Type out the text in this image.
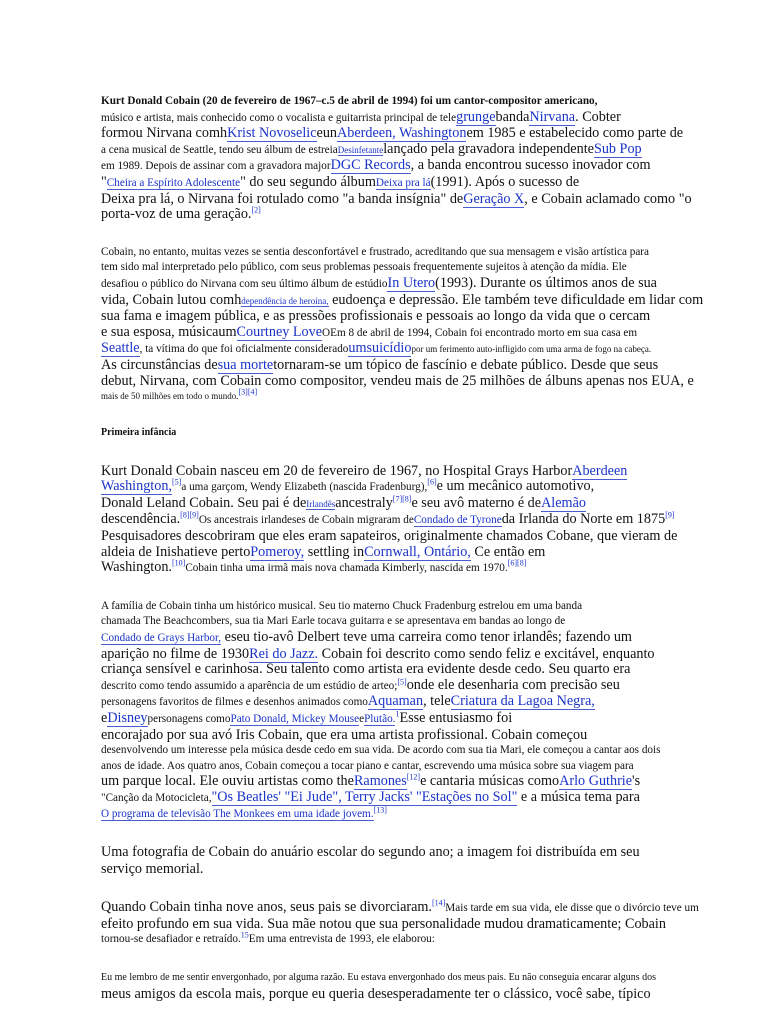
Kurt Donald Cobain (20 de fevereiro de 1967–c.5 de abril de 1994) foi um cantor-compositor americano,

músico e artista, mais conhecido como o vocalista e guitarrista principal de telegrungebandaNirvana. Cobter

formou Nirvana comhKrist NovoseliceunAberdeen, Washingtonem 1985 e estabelecido como parte de

a cena musical de Seattle, tendo seu álbum de estreiaDesinfetantelançado pela gravadora independenteSub Pop

em 1989. Depois de assinar com a gravadora majorDGC Records, a banda encontrou sucesso inovador com

"Cheira a Espírito Adolescente" do seu segundo álbumDeixa pra lá(1991). Após o sucesso de

Deixa pra lá, o Nirvana foi rotulado como "a banda insígnia" deGeração X, e Cobain aclamado como "o

porta-voz de uma geração.[2]

Cobain, no entanto, muitas vezes se sentia desconfortável e frustrado, acreditando que sua mensagem e visão artística para

tem sido mal interpretado pelo público, com seus problemas pessoais frequentemente sujeitos à atenção da mídia. Ele

desafiou o público do Nirvana com seu último álbum de estúdioIn Utero(1993). Durante os últimos anos de sua

vida, Cobain lutou comhdependência de heroína, eudoença e depressão. Ele também teve dificuldade em lidar com

sua fama e imagem pública, e as pressões profissionais e pessoais ao longo da vida que o cercam

e sua esposa, músicaumCourtney LoveOEm 8 de abril de 1994, Cobain foi encontrado morto em sua casa em

Seattle, ta vítima do que foi oficialmente consideradoumsuicídiopor um ferimento auto-infligido com uma arma de fogo na cabeça.

As circunstâncias desua mortetornaram-se um tópico de fascínio e debate público. Desde que seus

debut, Nirvana, com Cobain como compositor, vendeu mais de 25 milhões de álbuns apenas nos EUA, e

mais de 50 milhões em todo o mundo.[3][4]

Primeira infância

Kurt Donald Cobain nasceu em 20 de fevereiro de 1967, no Hospital Grays HarborAberdeen

Washington,[5]a uma garçom, Wendy Elizabeth (nascida Fradenburg),[6]e um mecânico automotivo,

Donald Leland Cobain. Seu pai é deIrlandêsancestraly[7][8]e seu avô materno é deAlemão

descendência.[8][9]Os ancestrais irlandeses de Cobain migraram deCondado de Tyroneda Irlanda do Norte em 1875[9]

Pesquisadores descobriram que eles eram sapateiros, originalmente chamados Cobane, que vieram de

aldeia de Inishatieve pertoPomeroy, settling inCornwall, Ontário, Ce então em

Washington.[10]Cobain tinha uma irmã mais nova chamada Kimberly, nascida em 1970.[6][8]

A família de Cobain tinha um histórico musical. Seu tio materno Chuck Fradenburg estrelou em uma banda

chamada The Beachcombers, sua tia Mari Earle tocava guitarra e se apresentava em bandas ao longo de

Condado de Grays Harbor, eseu tio-avô Delbert teve uma carreira como tenor irlandês; fazendo um

aparição no filme de 1930Rei do Jazz. Cobain foi descrito como sendo feliz e excitável, enquanto

criança sensível e carinhosa. Seu talento como artista era evidente desde cedo. Seu quarto era

descrito como tendo assumido a aparência de um estúdio de arteo;[5]onde ele desenharia com precisão seu

personagens favoritos de filmes e desenhos animados comoAquaman, teleCriatura da Lagoa Negra,

eDisneypersonagens comoPato Donald, Mickey MouseePlutão.$^1$Esse entusiasmo foi

encorajado por sua avó Iris Cobain, que era uma artista profissional. Cobain começou

desenvolvendo um interesse pela música desde cedo em sua vida. De acordo com sua tia Mari, ele começou a cantar aos dois

anos de idade. Aos quatro anos, Cobain começou a tocar piano e cantar, escrevendo uma música sobre sua viagem para

um parque local. Ele ouviu artistas como theRamones[12]e cantaria músicas comoArlo Guthrie's

"Canção da Motocicleta,"Os Beatles' "Ei Jude", Terry Jacks' "Estações no Sol" e a música tema para

O programa de televisão The Monkees em uma idade jovem.[13]

Uma fotografia de Cobain do anuário escolar do segundo ano; a imagem foi distribuída em seu

serviço memorial.

Quando Cobain tinha nove anos, seus pais se divorciaram.[14]Mais tarde em sua vida, ele disse que o divórcio teve um

efeito profundo em sua vida. Sua mãe notou que sua personalidade mudou dramaticamente; Cobain

tornou-se desafiador e retraído.$^{15}$Em uma entrevista de 1993, ele elaborou:

Eu me lembro de me sentir envergonhado, por alguma razão. Eu estava envergonhado dos meus pais. Eu não conseguia encarar alguns dos

meus amigos da escola mais, porque eu queria desesperadamente ter o clássico, você sabe, típico
